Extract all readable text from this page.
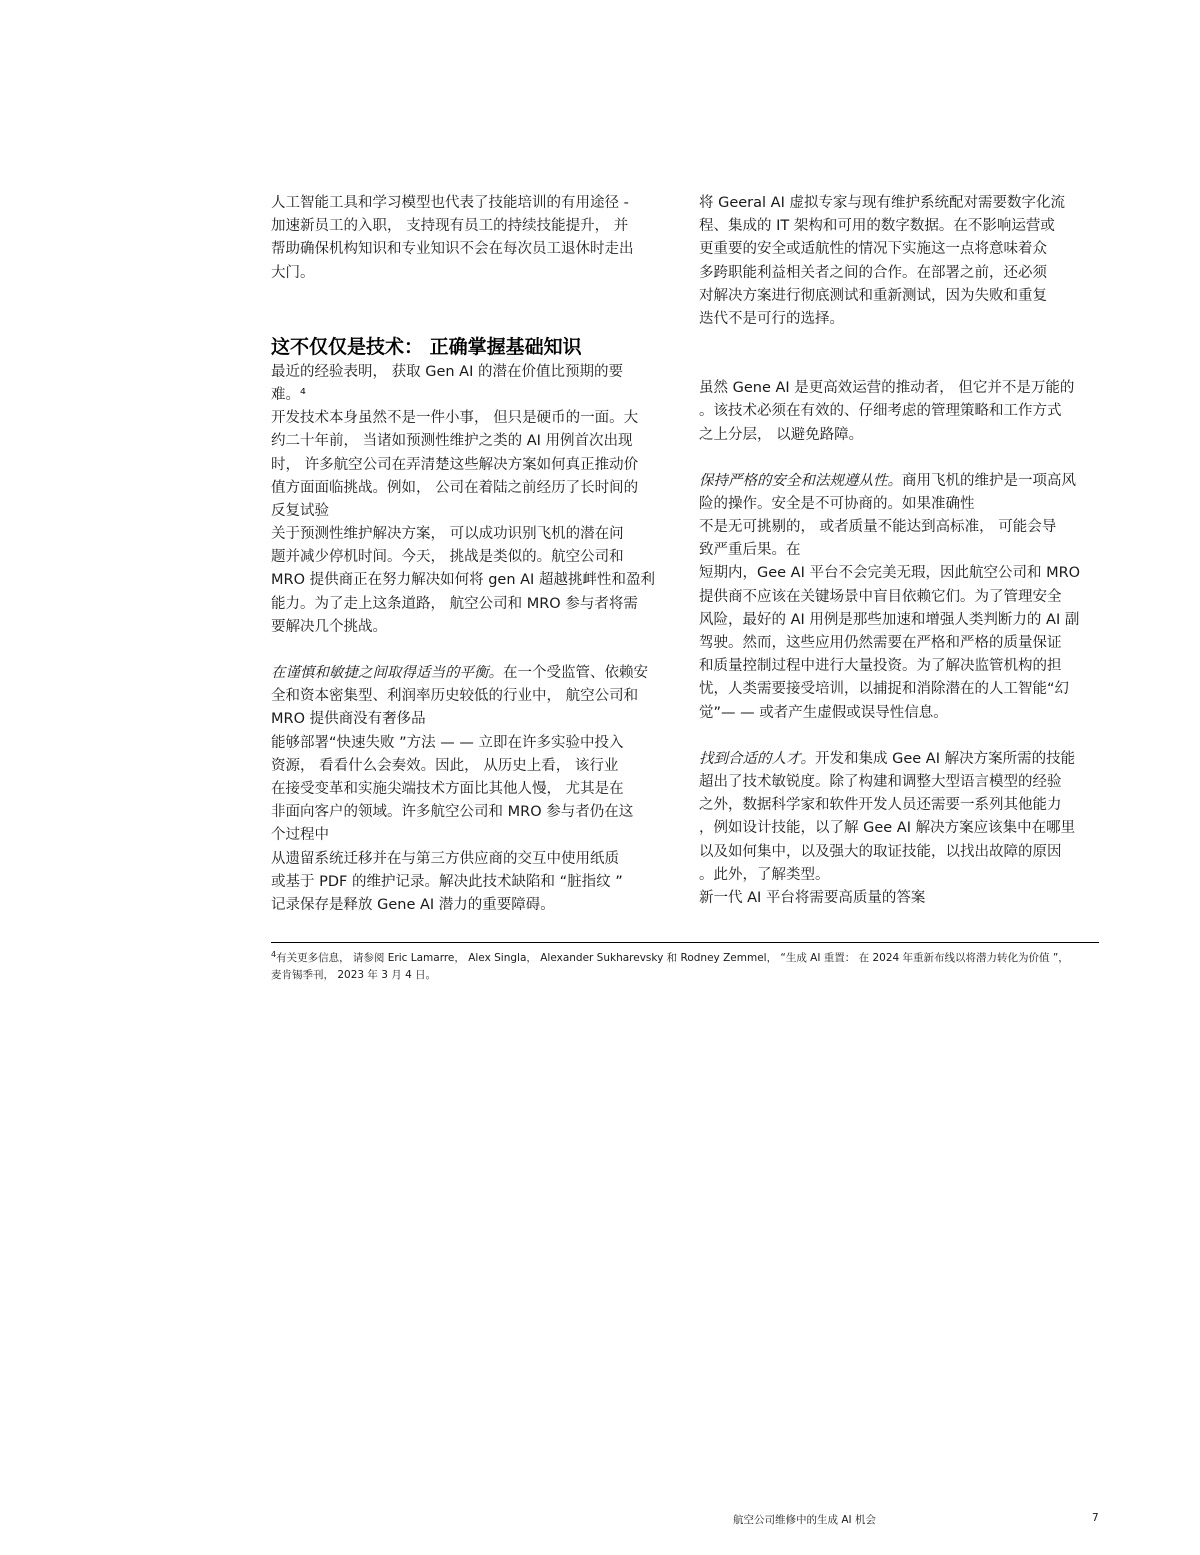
人工智能工具和学习模型也代表了技能培训的有用途径 -
加速新员工的入职， 支持现有员工的持续技能提升， 并
帮助确保机构知识和专业知识不会在每次员工退休时走出
大门。
这不仅仅是技术： 正确掌握基础知识
最近的经验表明， 获取 Gen AI 的潜在价值比预期的要
难。⁴
开发技术本身虽然不是一件小事， 但只是硬币的一面。大
约二十年前， 当诸如预测性维护之类的 AI 用例首次出现
时， 许多航空公司在弄清楚这些解决方案如何真正推动价
值方面面临挑战。例如， 公司在着陆之前经历了长时间的
反复试验
关于预测性维护解决方案， 可以成功识别飞机的潜在问
题并减少停机时间。今天， 挑战是类似的。航空公司和
MRO 提供商正在努力解决如何将 gen AI 超越挑衅性和盈利
能力。为了走上这条道路， 航空公司和 MRO 参与者将需
要解决几个挑战。
在谨慎和敏捷之间取得适当的平衡。在一个受监管、依赖安
全和资本密集型、利润率历史较低的行业中， 航空公司和
MRO 提供商没有奢侈品
能够部署“快速失败 ”方法 — — 立即在许多实验中投入
资源， 看看什么会奏效。因此， 从历史上看， 该行业
在接受变革和实施尖端技术方面比其他人慢， 尤其是在
非面向客户的领域。许多航空公司和 MRO 参与者仍在这
个过程中
从遗留系统迁移并在与第三方供应商的交互中使用纸质
或基于 PDF 的维护记录。解决此技术缺陷和 “脏指纹 ”
记录保存是释放 Gene AI 潜力的重要障碍。
将 Geeral AI 虚拟专家与现有维护系统配对需要数字化流
程、集成的 IT 架构和可用的数字数据。在不影响运营或
更重要的安全或适航性的情况下实施这一点将意味着众
多跨职能利益相关者之间的合作。在部署之前，还必须
对解决方案进行彻底测试和重新测试，因为失败和重复
迭代不是可行的选择。
虽然 Gene AI 是更高效运营的推动者， 但它并不是万能的
。该技术必须在有效的、仔细考虑的管理策略和工作方式
之上分层， 以避免路障。
保持严格的安全和法规遵从性。商用飞机的维护是一项高风
险的操作。安全是不可协商的。如果准确性
不是无可挑剔的， 或者质量不能达到高标准， 可能会导
致严重后果。在
短期内，Gee AI 平台不会完美无瑕，因此航空公司和 MRO
提供商不应该在关键场景中盲目依赖它们。为了管理安全
风险，最好的 AI 用例是那些加速和增强人类判断力的 AI 副
驾驶。然而，这些应用仍然需要在严格和严格的质量保证
和质量控制过程中进行大量投资。为了解决监管机构的担
忧，人类需要接受培训，以捕捉和消除潜在的人工智能“幻
觉”— — 或者产生虚假或误导性信息。
找到合适的人才。开发和集成 Gee AI 解决方案所需的技能
超出了技术敏锐度。除了构建和调整大型语言模型的经验
之外，数据科学家和软件开发人员还需要一系列其他能力
，例如设计技能，以了解 Gee AI 解决方案应该集中在哪里
以及如何集中，以及强大的取证技能，以找出故障的原因
。此外，了解类型。
新一代 AI 平台将需要高质量的答案
$^4$有关更多信息， 请参阅 Eric Lamarre， Alex Singla， Alexander Sukharevsky 和 Rodney Zemmel， “生成 AI 重置： 在 2024 年重新布线以将潜力转化为价值 ”，
麦肯锡季刊， 2023 年 3 月 4 日。
航空公司维修中的生成 AI 机会	7
